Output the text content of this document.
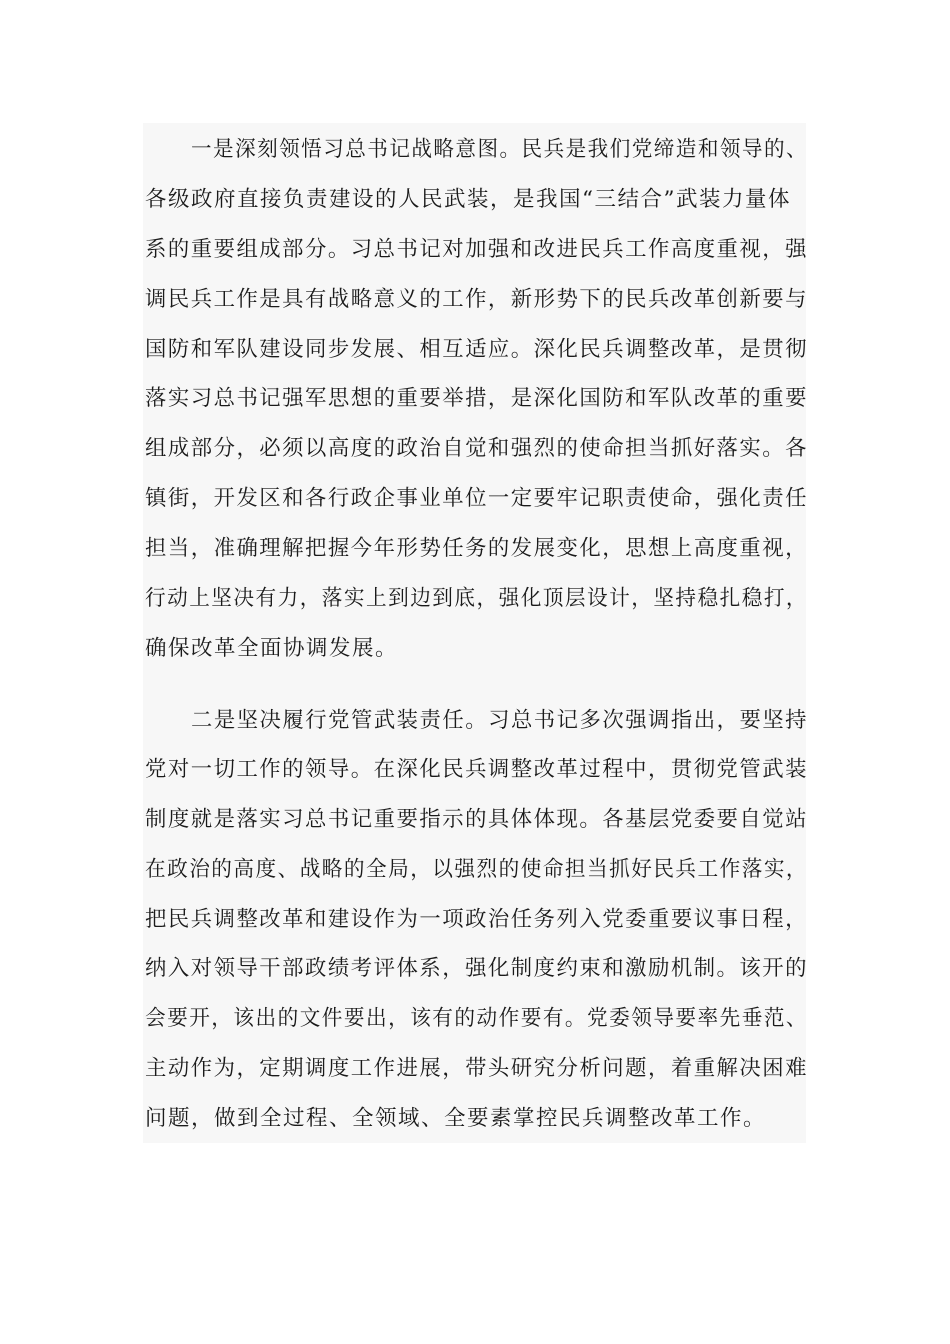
一是深刻领悟习总书记战略意图。民兵是我们党缔造和领导的、
各级政府直接负责建设的人民武装，是我国“三结合”武装力量体
系的重要组成部分。习总书记对加强和改进民兵工作高度重视，强
调民兵工作是具有战略意义的工作，新形势下的民兵改革创新要与
国防和军队建设同步发展、相互适应。深化民兵调整改革，是贯彻
落实习总书记强军思想的重要举措，是深化国防和军队改革的重要
组成部分，必须以高度的政治自觉和强烈的使命担当抓好落实。各
镇街，开发区和各行政企事业单位一定要牢记职责使命，强化责任
担当，准确理解把握今年形势任务的发展变化，思想上高度重视，
行动上坚决有力，落实上到边到底，强化顶层设计，坚持稳扎稳打，
确保改革全面协调发展。
二是坚决履行党管武装责任。习总书记多次强调指出，要坚持
党对一切工作的领导。在深化民兵调整改革过程中，贯彻党管武装
制度就是落实习总书记重要指示的具体体现。各基层党委要自觉站
在政治的高度、战略的全局，以强烈的使命担当抓好民兵工作落实，
把民兵调整改革和建设作为一项政治任务列入党委重要议事日程，
纳入对领导干部政绩考评体系，强化制度约束和激励机制。该开的
会要开，该出的文件要出，该有的动作要有。党委领导要率先垂范、
主动作为，定期调度工作进展，带头研究分析问题，着重解决困难
问题，做到全过程、全领域、全要素掌控民兵调整改革工作。
